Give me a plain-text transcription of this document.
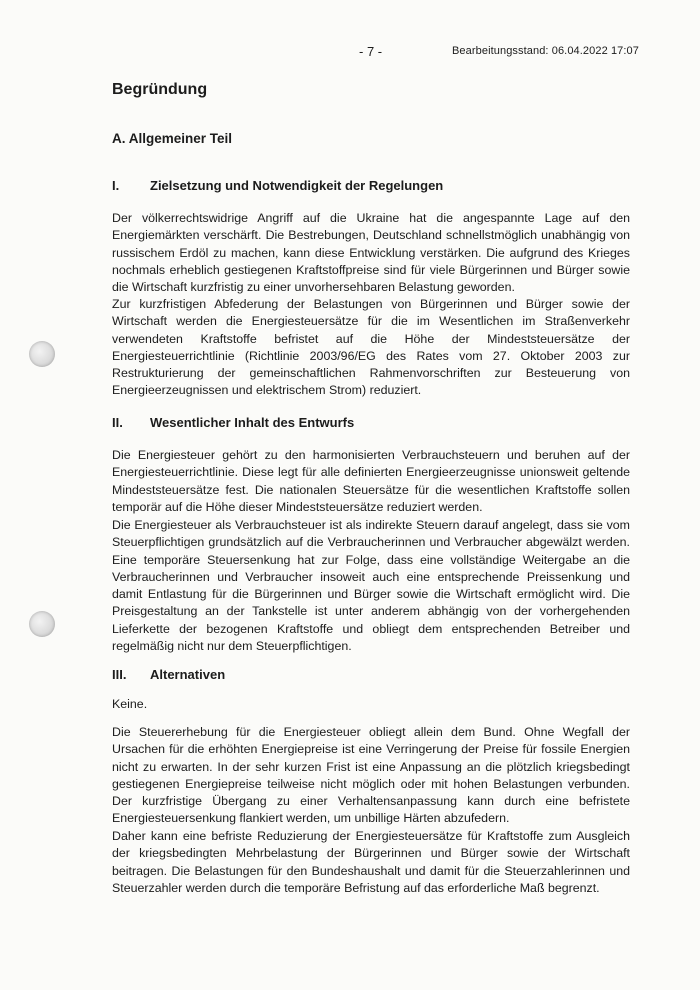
- 7 -	Bearbeitungsstand: 06.04.2022 17:07
Begründung
A. Allgemeiner Teil
I. Zielsetzung und Notwendigkeit der Regelungen

Der völkerrechtswidrige Angriff auf die Ukraine hat die angespannte Lage auf den Energiemärkten verschärft. Die Bestrebungen, Deutschland schnellstmöglich unabhängig von russischem Erdöl zu machen, kann diese Entwicklung verstärken. Die aufgrund des Krieges nochmals erheblich gestiegenen Kraftstoffpreise sind für viele Bürgerinnen und Bürger sowie die Wirtschaft kurzfristig zu einer unvorhersehbaren Belastung geworden.

Zur kurzfristigen Abfederung der Belastungen von Bürgerinnen und Bürger sowie der Wirtschaft werden die Energiesteuersätze für die im Wesentlichen im Straßenverkehr verwendeten Kraftstoffe befristet auf die Höhe der Mindeststeuersätze der Energiesteuerrichtlinie (Richtlinie 2003/96/EG des Rates vom 27. Oktober 2003 zur Restrukturierung der gemeinschaftlichen Rahmenvorschriften zur Besteuerung von Energieerzeugnissen und elektrischem Strom) reduziert.

II. Wesentlicher Inhalt des Entwurfs

Die Energiesteuer gehört zu den harmonisierten Verbrauchsteuern und beruhen auf der Energiesteuerrichtlinie. Diese legt für alle definierten Energieerzeugnisse unionsweit geltende Mindeststeuersätze fest. Die nationalen Steuersätze für die wesentlichen Kraftstoffe sollen temporär auf die Höhe dieser Mindeststeuersätze reduziert werden.

Die Energiesteuer als Verbrauchsteuer ist als indirekte Steuern darauf angelegt, dass sie vom Steuerpflichtigen grundsätzlich auf die Verbraucherinnen und Verbraucher abgewälzt werden. Eine temporäre Steuersenkung hat zur Folge, dass eine vollständige Weitergabe an die Verbraucherinnen und Verbraucher insoweit auch eine entsprechende Preissenkung und damit Entlastung für die Bürgerinnen und Bürger sowie die Wirtschaft ermöglicht wird. Die Preisgestaltung an der Tankstelle ist unter anderem abhängig von der vorhergehenden Lieferkette der bezogenen Kraftstoffe und obliegt dem entsprechenden Betreiber und regelmäßig nicht nur dem Steuerpflichtigen.

III. Alternativen

Keine.

Die Steuererhebung für die Energiesteuer obliegt allein dem Bund. Ohne Wegfall der Ursachen für die erhöhten Energiepreise ist eine Verringerung der Preise für fossile Energien nicht zu erwarten. In der sehr kurzen Frist ist eine Anpassung an die plötzlich kriegsbedingt gestiegenen Energiepreise teilweise nicht möglich oder mit hohen Belastungen verbunden. Der kurzfristige Übergang zu einer Verhaltensanpassung kann durch eine befristete Energiesteuersenkung flankiert werden, um unbillige Härten abzufedern.

Daher kann eine befriste Reduzierung der Energiesteuersätze für Kraftstoffe zum Ausgleich der kriegsbedingten Mehrbelastung der Bürgerinnen und Bürger sowie der Wirtschaft beitragen. Die Belastungen für den Bundeshaushalt und damit für die Steuerzahlerinnen und Steuerzahler werden durch die temporäre Befristung auf das erforderliche Maß begrenzt.
